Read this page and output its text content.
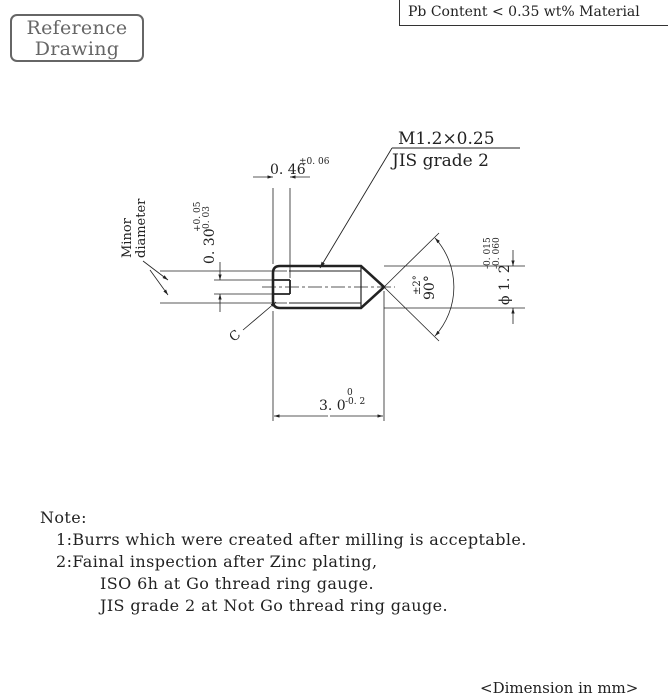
Reference
Drawing
Pb Content < 0.35 wt% Material
M1.2×0.25
JIS grade 2
0. 46
±0. 06
Minor diameter	0. 30
+0. 05 -0. 03
C
90°
±2°	ϕ 1. 2
-0. 015 -0. 060
3. 0
0
-0. 2
Note:
1:Burrs which were created after milling is acceptable.
2:Fainal inspection after Zinc plating,
ISO 6h at Go thread ring gauge.
JIS grade 2 at Not Go thread ring gauge.
<Dimension in mm>
